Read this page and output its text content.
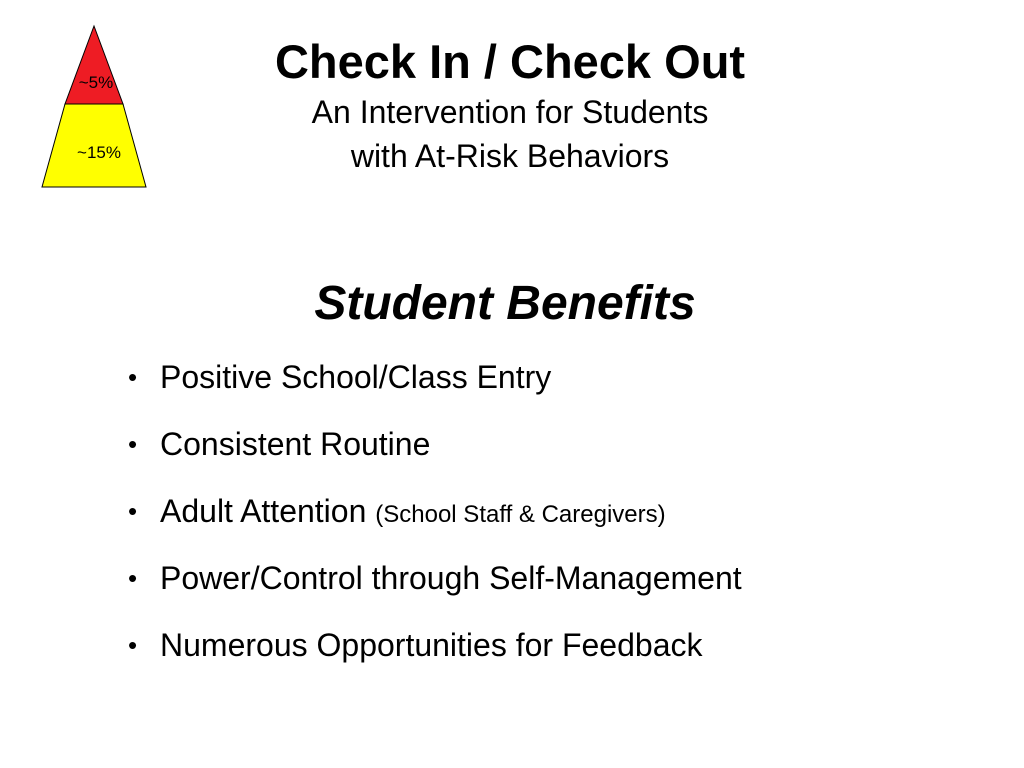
~5%
~15%
Check In / Check Out

An Intervention for Students

with At-Risk Behaviors

Student Benefits
• Positive School/Class Entry
• Consistent Routine
• Adult Attention (School Staff & Caregivers)
• Power/Control through Self-Management
• Numerous Opportunities for Feedback
